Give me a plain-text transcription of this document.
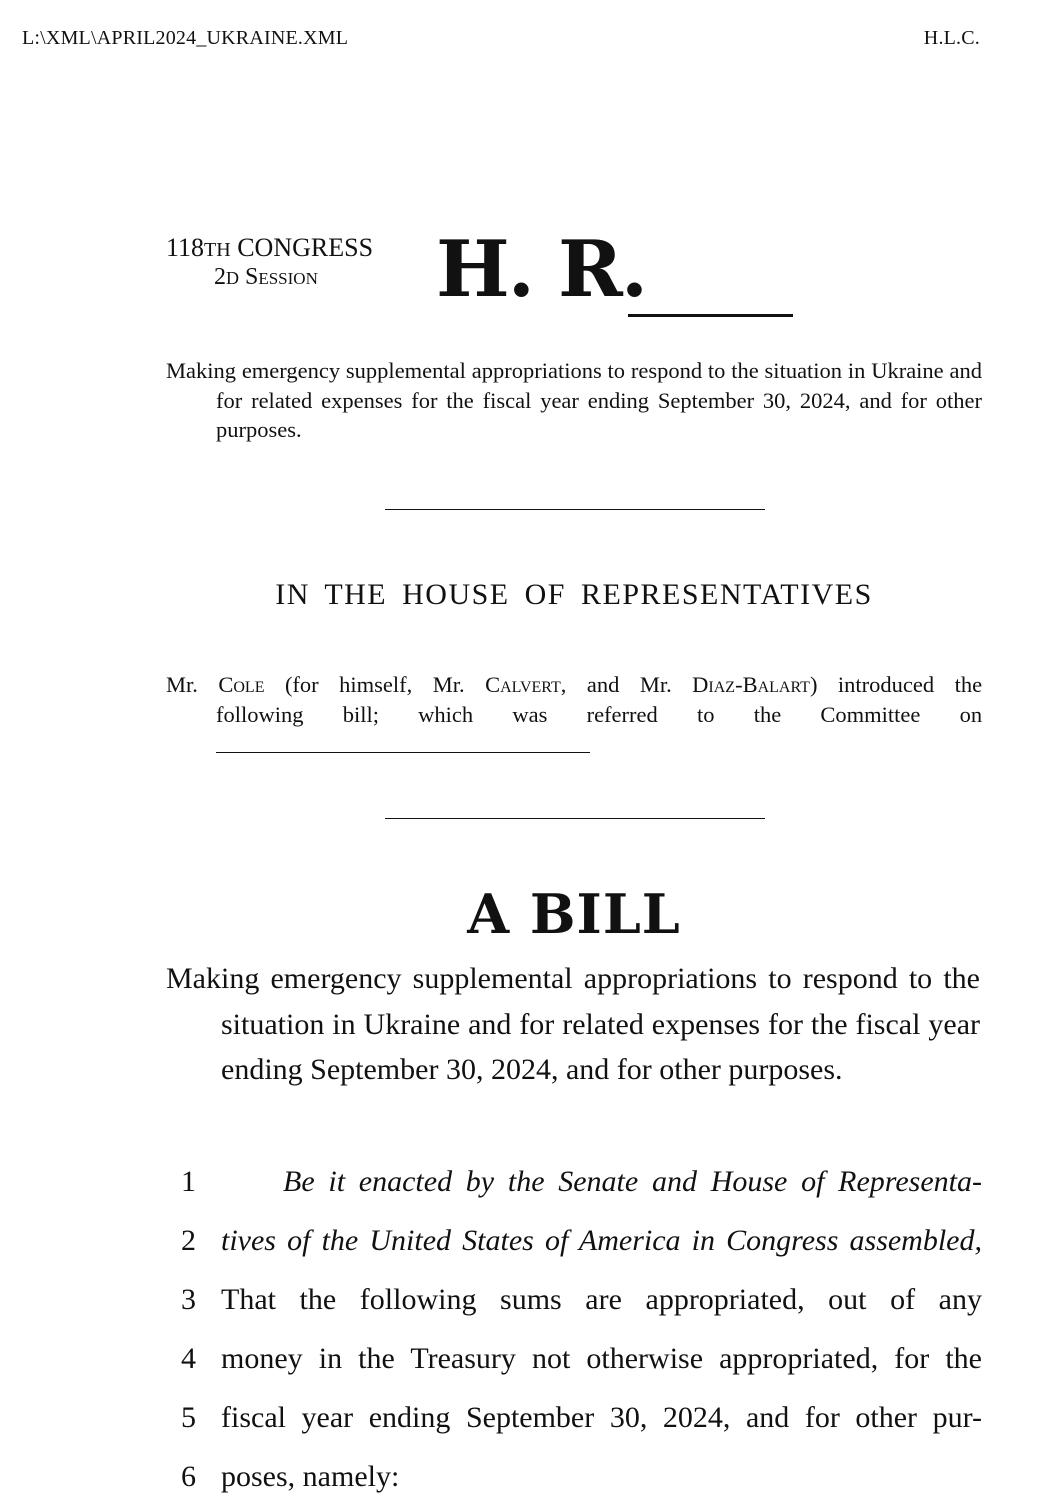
L:\XML\APRIL2024_UKRAINE.XML	H.L.C.
118TH CONGRESS
2D Session H. R.
Making emergency supplemental appropriations to respond to the situation in Ukraine and for related expenses for the fiscal year ending September 30, 2024, and for other purposes.
IN THE HOUSE OF REPRESENTATIVES
Mr. Cole (for himself, Mr. Calvert, and Mr. Diaz-Balart) introduced the
following bill; which was referred to the Committee on
A BILL
Making emergency supplemental appropriations to respond to the situation in Ukraine and for related expenses for the fiscal year ending September 30, 2024, and for other purposes.
1	Be it enacted by the Senate and House of Representa-
2 tives of the United States of America in Congress assembled,
3 That the following sums are appropriated, out of any
4 money in the Treasury not otherwise appropriated, for the
5 fiscal year ending September 30, 2024, and for other pur-
6 poses, namely:
